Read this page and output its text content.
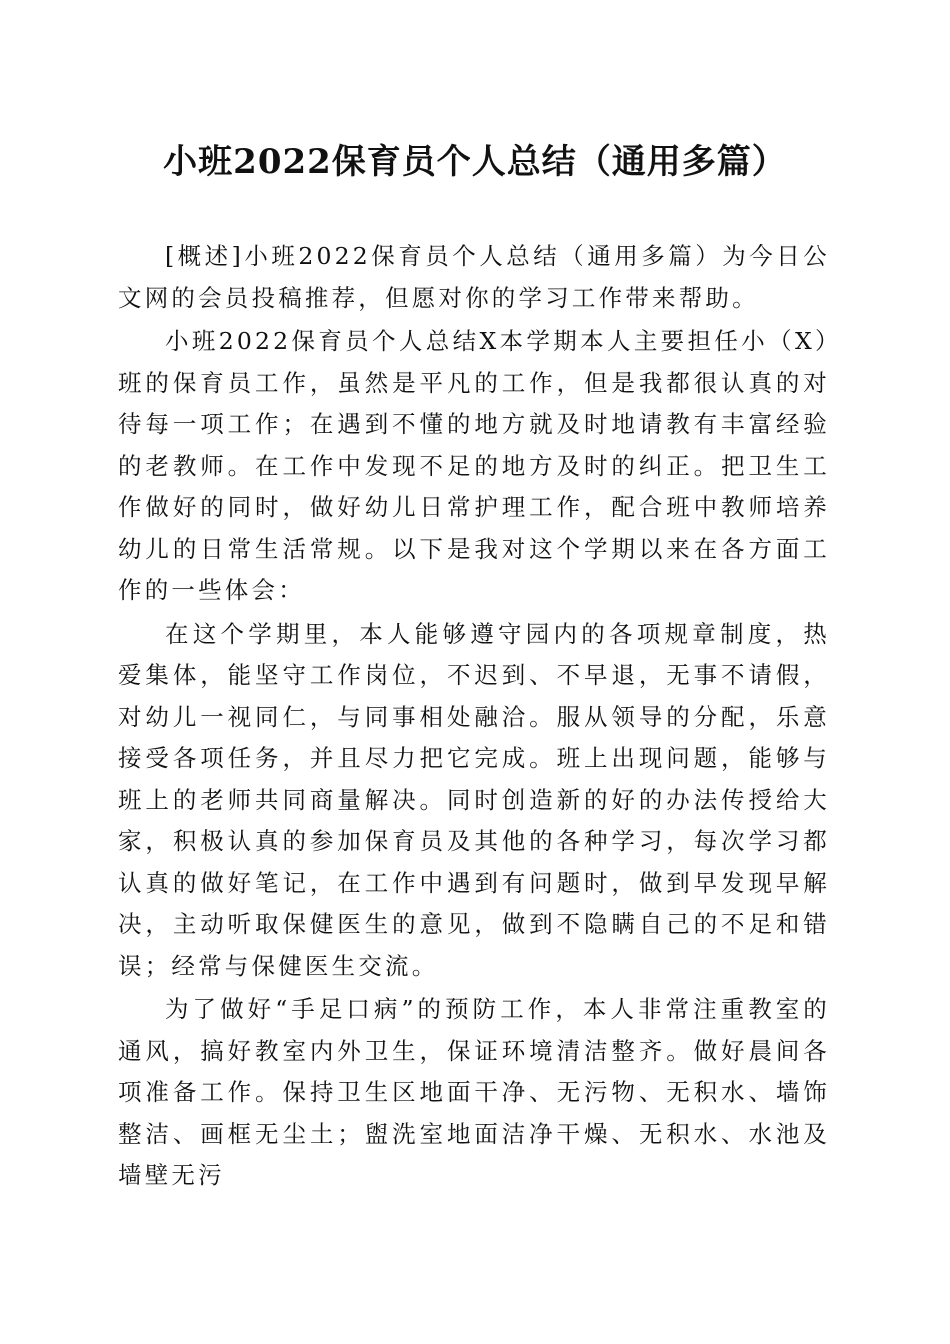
小班2022保育员个人总结（通用多篇）

[概述]小班2022保育员个人总结（通用多篇）为今日公文网的会员投稿推荐，但愿对你的学习工作带来帮助。

小班2022保育员个人总结X本学期本人主要担任小（X）班的保育员工作，虽然是平凡的工作，但是我都很认真的对待每一项工作；在遇到不懂的地方就及时地请教有丰富经验的老教师。在工作中发现不足的地方及时的纠正。把卫生工作做好的同时，做好幼儿日常护理工作，配合班中教师培养幼儿的日常生活常规。以下是我对这个学期以来在各方面工作的一些体会：

在这个学期里，本人能够遵守园内的各项规章制度，热爱集体，能坚守工作岗位，不迟到、不早退，无事不请假，对幼儿一视同仁，与同事相处融洽。服从领导的分配，乐意接受各项任务，并且尽力把它完成。班上出现问题，能够与班上的老师共同商量解决。同时创造新的好的办法传授给大家，积极认真的参加保育员及其他的各种学习，每次学习都认真的做好笔记，在工作中遇到有问题时，做到早发现早解决，主动听取保健医生的意见，做到不隐瞒自己的不足和错误；经常与保健医生交流。

为了做好“手足口病”的预防工作，本人非常注重教室的通风，搞好教室内外卫生，保证环境清洁整齐。做好晨间各项准备工作。保持卫生区地面干净、无污物、无积水、墙饰整洁、画框无尘土；盥洗室地面洁净干燥、无积水、水池及墙壁无污
